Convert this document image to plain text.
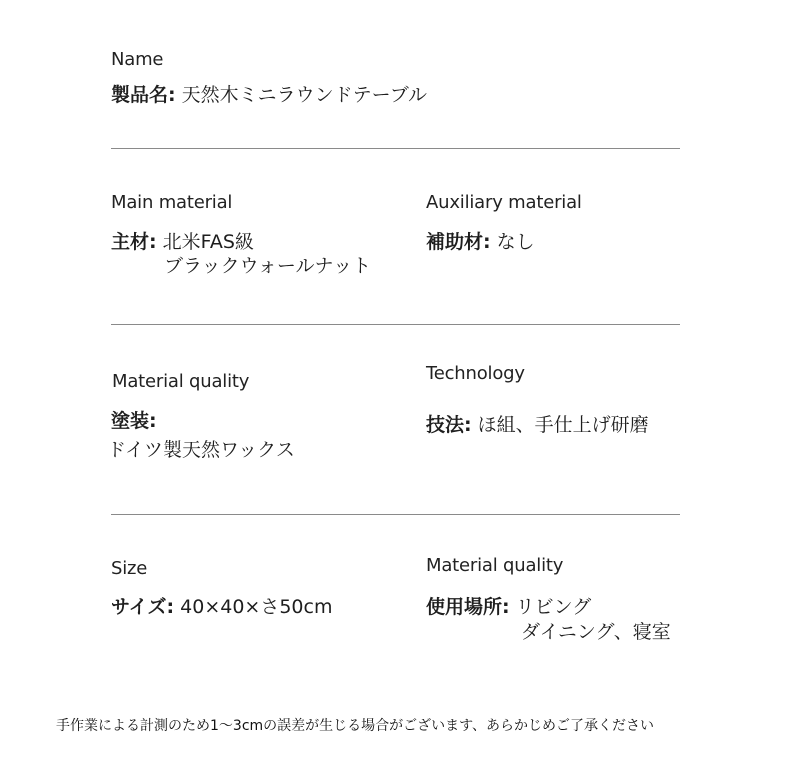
Name
製品名: 天然木ミニラウンドテーブル
Main material
主材: 北米FAS級
ブラックウォールナット
Auxiliary material
補助材: なし
Material quality
塗装:
ドイツ製天然ワックス
Technology
技法: ほ組、手仕上げ研磨
Size
サイズ: 40×40×さ50cm
Material quality
使用場所: リビング
ダイニング、寝室
手作業による計測のため1～3cmの誤差が生じる場合がございます、あらかじめご了承ください
